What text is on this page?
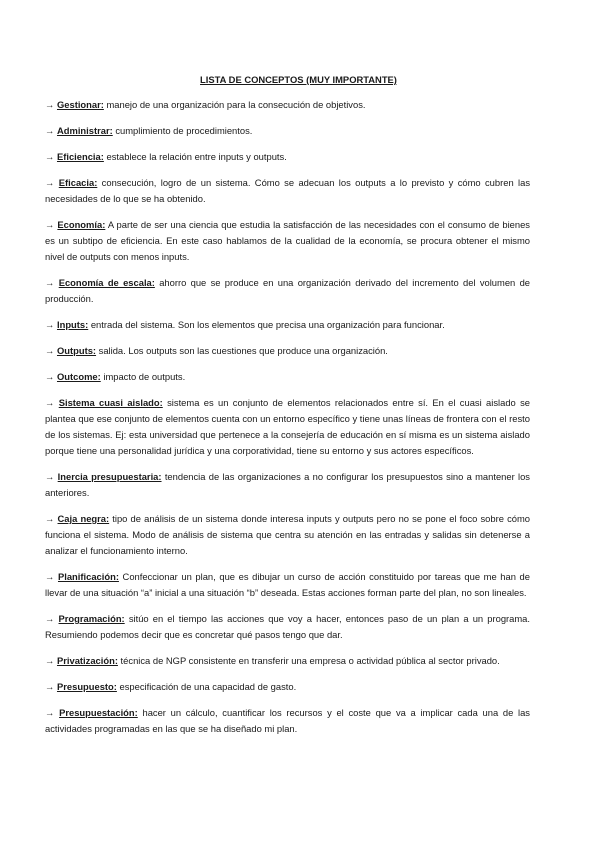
LISTA DE CONCEPTOS (MUY IMPORTANTE)

→ Gestionar: manejo de una organización para la consecución de objetivos.

→ Administrar: cumplimiento de procedimientos.

→ Eficiencia: establece la relación entre inputs y outputs.

→ Eficacia: consecución, logro de un sistema. Cómo se adecuan los outputs a lo previsto y cómo cubren las necesidades de lo que se ha obtenido.

→ Economía: A parte de ser una ciencia que estudia la satisfacción de las necesidades con el consumo de bienes es un subtipo de eficiencia. En este caso hablamos de la cualidad de la economía, se procura obtener el mismo nivel de outputs con menos inputs.

→ Economía de escala: ahorro que se produce en una organización derivado del incremento del volumen de producción.

→ Inputs: entrada del sistema. Son los elementos que precisa una organización para funcionar.

→ Outputs: salida. Los outputs son las cuestiones que produce una organización.

→ Outcome: impacto de outputs.

→ Sistema cuasi aislado: sistema es un conjunto de elementos relacionados entre sí. En el cuasi aislado se plantea que ese conjunto de elementos cuenta con un entorno específico y tiene unas líneas de frontera con el resto de los sistemas. Ej: esta universidad que pertenece a la consejería de educación en sí misma es un sistema aislado porque tiene una personalidad jurídica y una corporatividad, tiene su entorno y sus actores específicos.

→ Inercia presupuestaria: tendencia de las organizaciones a no configurar los presupuestos sino a mantener los anteriores.

→ Caja negra: tipo de análisis de un sistema donde interesa inputs y outputs pero no se pone el foco sobre cómo funciona el sistema. Modo de análisis de sistema que centra su atención en las entradas y salidas sin detenerse a analizar el funcionamiento interno.

→ Planificación: Confeccionar un plan, que es dibujar un curso de acción constituido por tareas que me han de llevar de una situación “a” inicial a una situación “b” deseada. Estas acciones forman parte del plan, no son lineales.

→ Programación: sitúo en el tiempo las acciones que voy a hacer, entonces paso de un plan a un programa. Resumiendo podemos decir que es concretar qué pasos tengo que dar.

→ Privatización: técnica de NGP consistente en transferir una empresa o actividad pública al sector privado.

→ Presupuesto: especificación de una capacidad de gasto.

→ Presupuestación: hacer un cálculo, cuantificar los recursos y el coste que va a implicar cada una de las actividades programadas en las que se ha diseñado mi plan.
